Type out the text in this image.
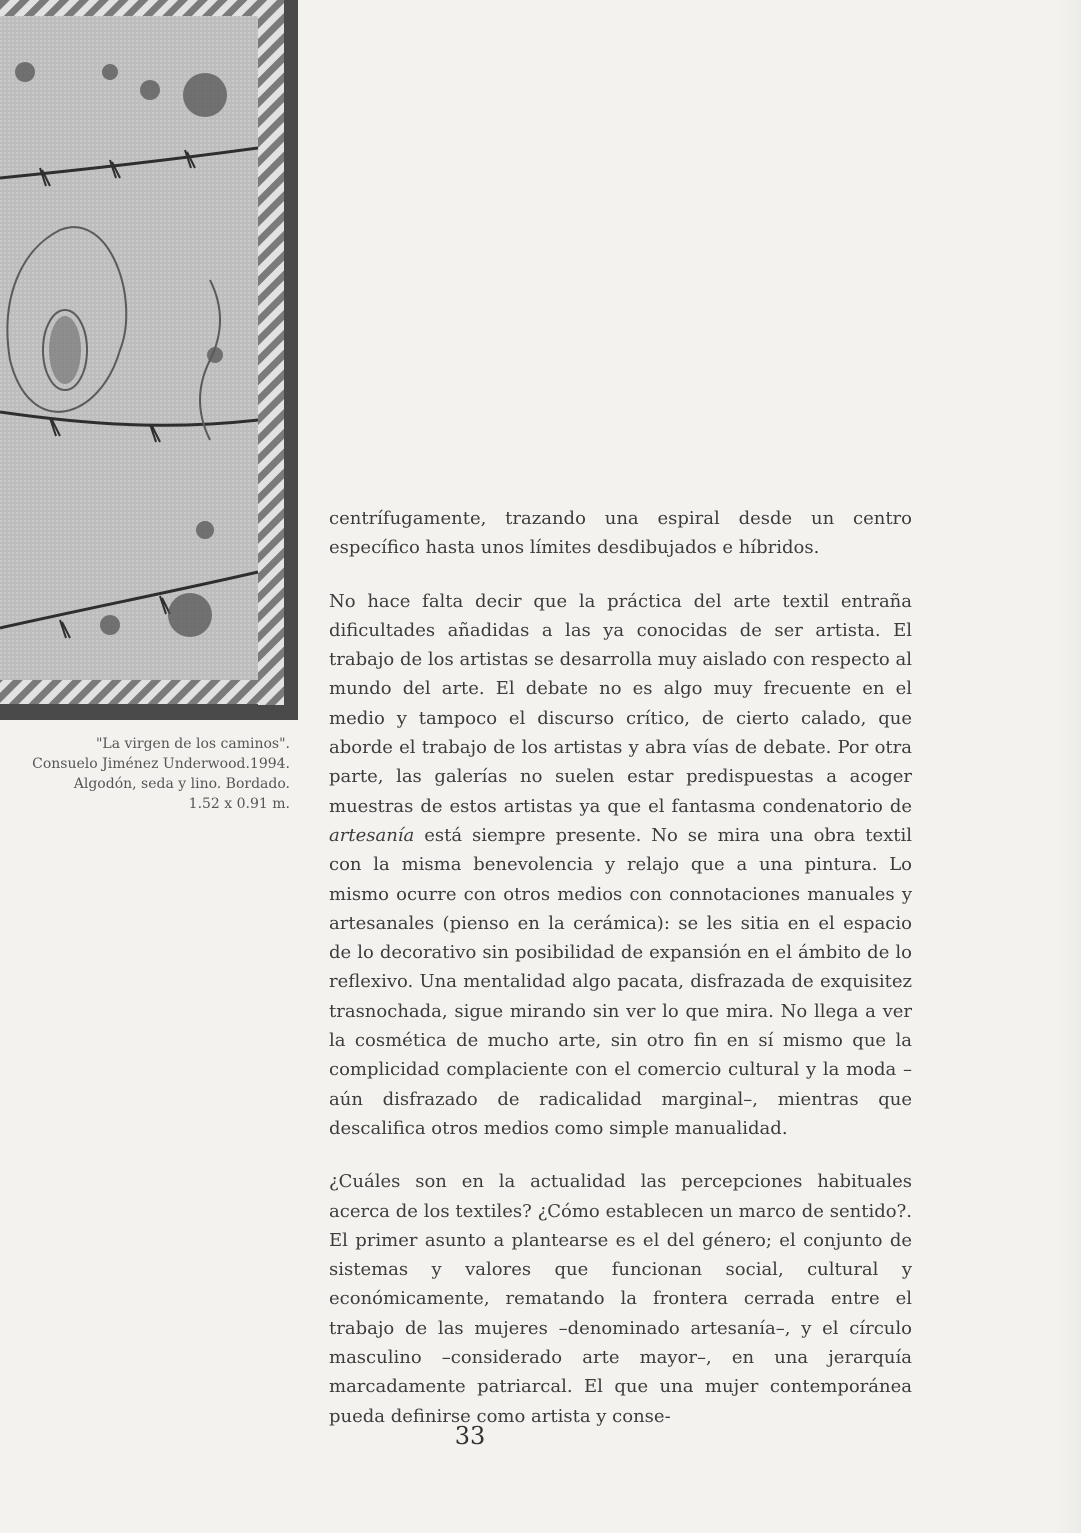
"La virgen de los caminos".
Consuelo Jiménez Underwood.1994.
Algodón, seda y lino. Bordado.
1.52 x 0.91 m.

centrífugamente, trazando una espiral desde un centro específico hasta unos límites desdibujados e híbridos.

No hace falta decir que la práctica del arte textil entraña dificultades añadidas a las ya conocidas de ser artista. El trabajo de los artistas se desarrolla muy aislado con respecto al mundo del arte. El debate no es algo muy frecuente en el medio y tampoco el discurso crítico, de cierto calado, que aborde el trabajo de los artistas y abra vías de debate. Por otra parte, las galerías no suelen estar predispuestas a acoger muestras de estos artistas ya que el fantasma condenatorio de artesanía está siempre presente. No se mira una obra textil con la misma benevolencia y relajo que a una pintura. Lo mismo ocurre con otros medios con connotaciones manuales y artesanales (pienso en la cerámica): se les sitia en el espacio de lo decorativo sin posibilidad de expansión en el ámbito de lo reflexivo. Una mentalidad algo pacata, disfrazada de exquisitez trasnochada, sigue mirando sin ver lo que mira. No llega a ver la cosmética de mucho arte, sin otro fin en sí mismo que la complicidad complaciente con el comercio cultural y la moda –aún disfrazado de radicalidad marginal–, mientras que descalifica otros medios como simple manualidad.

¿Cuáles son en la actualidad las percepciones habituales acerca de los textiles? ¿Cómo establecen un marco de sentido?. El primer asunto a plantearse es el del género; el conjunto de sistemas y valores que funcionan social, cultural y económicamente, rematando la frontera cerrada entre el trabajo de las mujeres –denominado artesanía–, y el círculo masculino –considerado arte mayor–, en una jerarquía marcadamente patriarcal. El que una mujer contemporánea pueda definirse como artista y conse-

33
